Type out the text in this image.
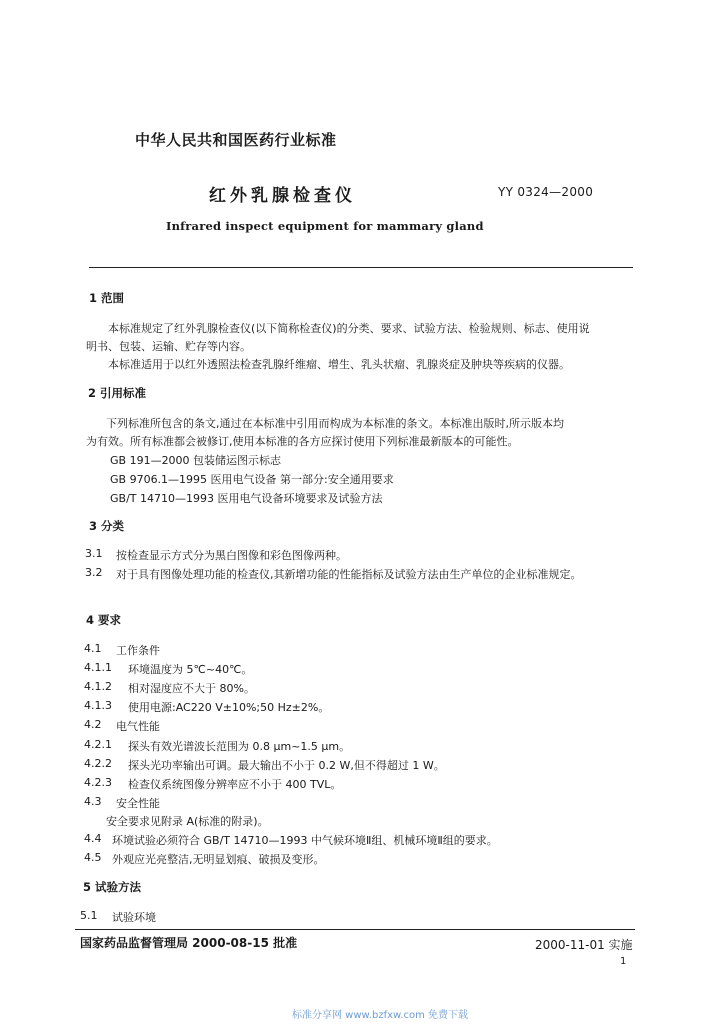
中华人民共和国医药行业标准
红外乳腺检查仪	YY 0324—2000
Infrared inspect equipment for mammary gland
1 范围
本标准规定了红外乳腺检查仪(以下简称检查仪)的分类、要求、试验方法、检验规则、标志、使用说
明书、包装、运输、贮存等内容。
本标准适用于以红外透照法检查乳腺纤维瘤、增生、乳头状瘤、乳腺炎症及肿块等疾病的仪器。
2 引用标准
下列标准所包含的条文,通过在本标准中引用而构成为本标准的条文。本标准出版时,所示版本均
为有效。所有标准都会被修订,使用本标准的各方应探讨使用下列标准最新版本的可能性。
GB 191—2000 包装储运图示标志
GB 9706.1—1995 医用电气设备 第一部分:安全通用要求
GB/T 14710—1993 医用电气设备环境要求及试验方法
3 分类
3.1 按检查显示方式分为黑白图像和彩色图像两种。
3.2 对于具有图像处理功能的检查仪,其新增功能的性能指标及试验方法由生产单位的企业标准规定。
4 要求
4.1 工作条件
4.1.1 环境温度为 5℃~40℃。
4.1.2 相对湿度应不大于 80%。
4.1.3 使用电源:AC220 V±10%;50 Hz±2%。
4.2 电气性能
4.2.1 探头有效光谱波长范围为 0.8 μm~1.5 μm。
4.2.2 探头光功率输出可调。最大输出不小于 0.2 W,但不得超过 1 W。
4.2.3 检查仪系统图像分辨率应不小于 400 TVL。
4.3 安全性能
安全要求见附录 A(标准的附录)。
4.4 环境试验必须符合 GB/T 14710—1993 中气候环境Ⅱ组、机械环境Ⅱ组的要求。
4.5 外观应光亮整洁,无明显划痕、破损及变形。
5 试验方法
5.1 试验环境
国家药品监督管理局 2000-08-15 批准	2000-11-01 实施
1
标准分享网 www.bzfxw.com 免费下载
